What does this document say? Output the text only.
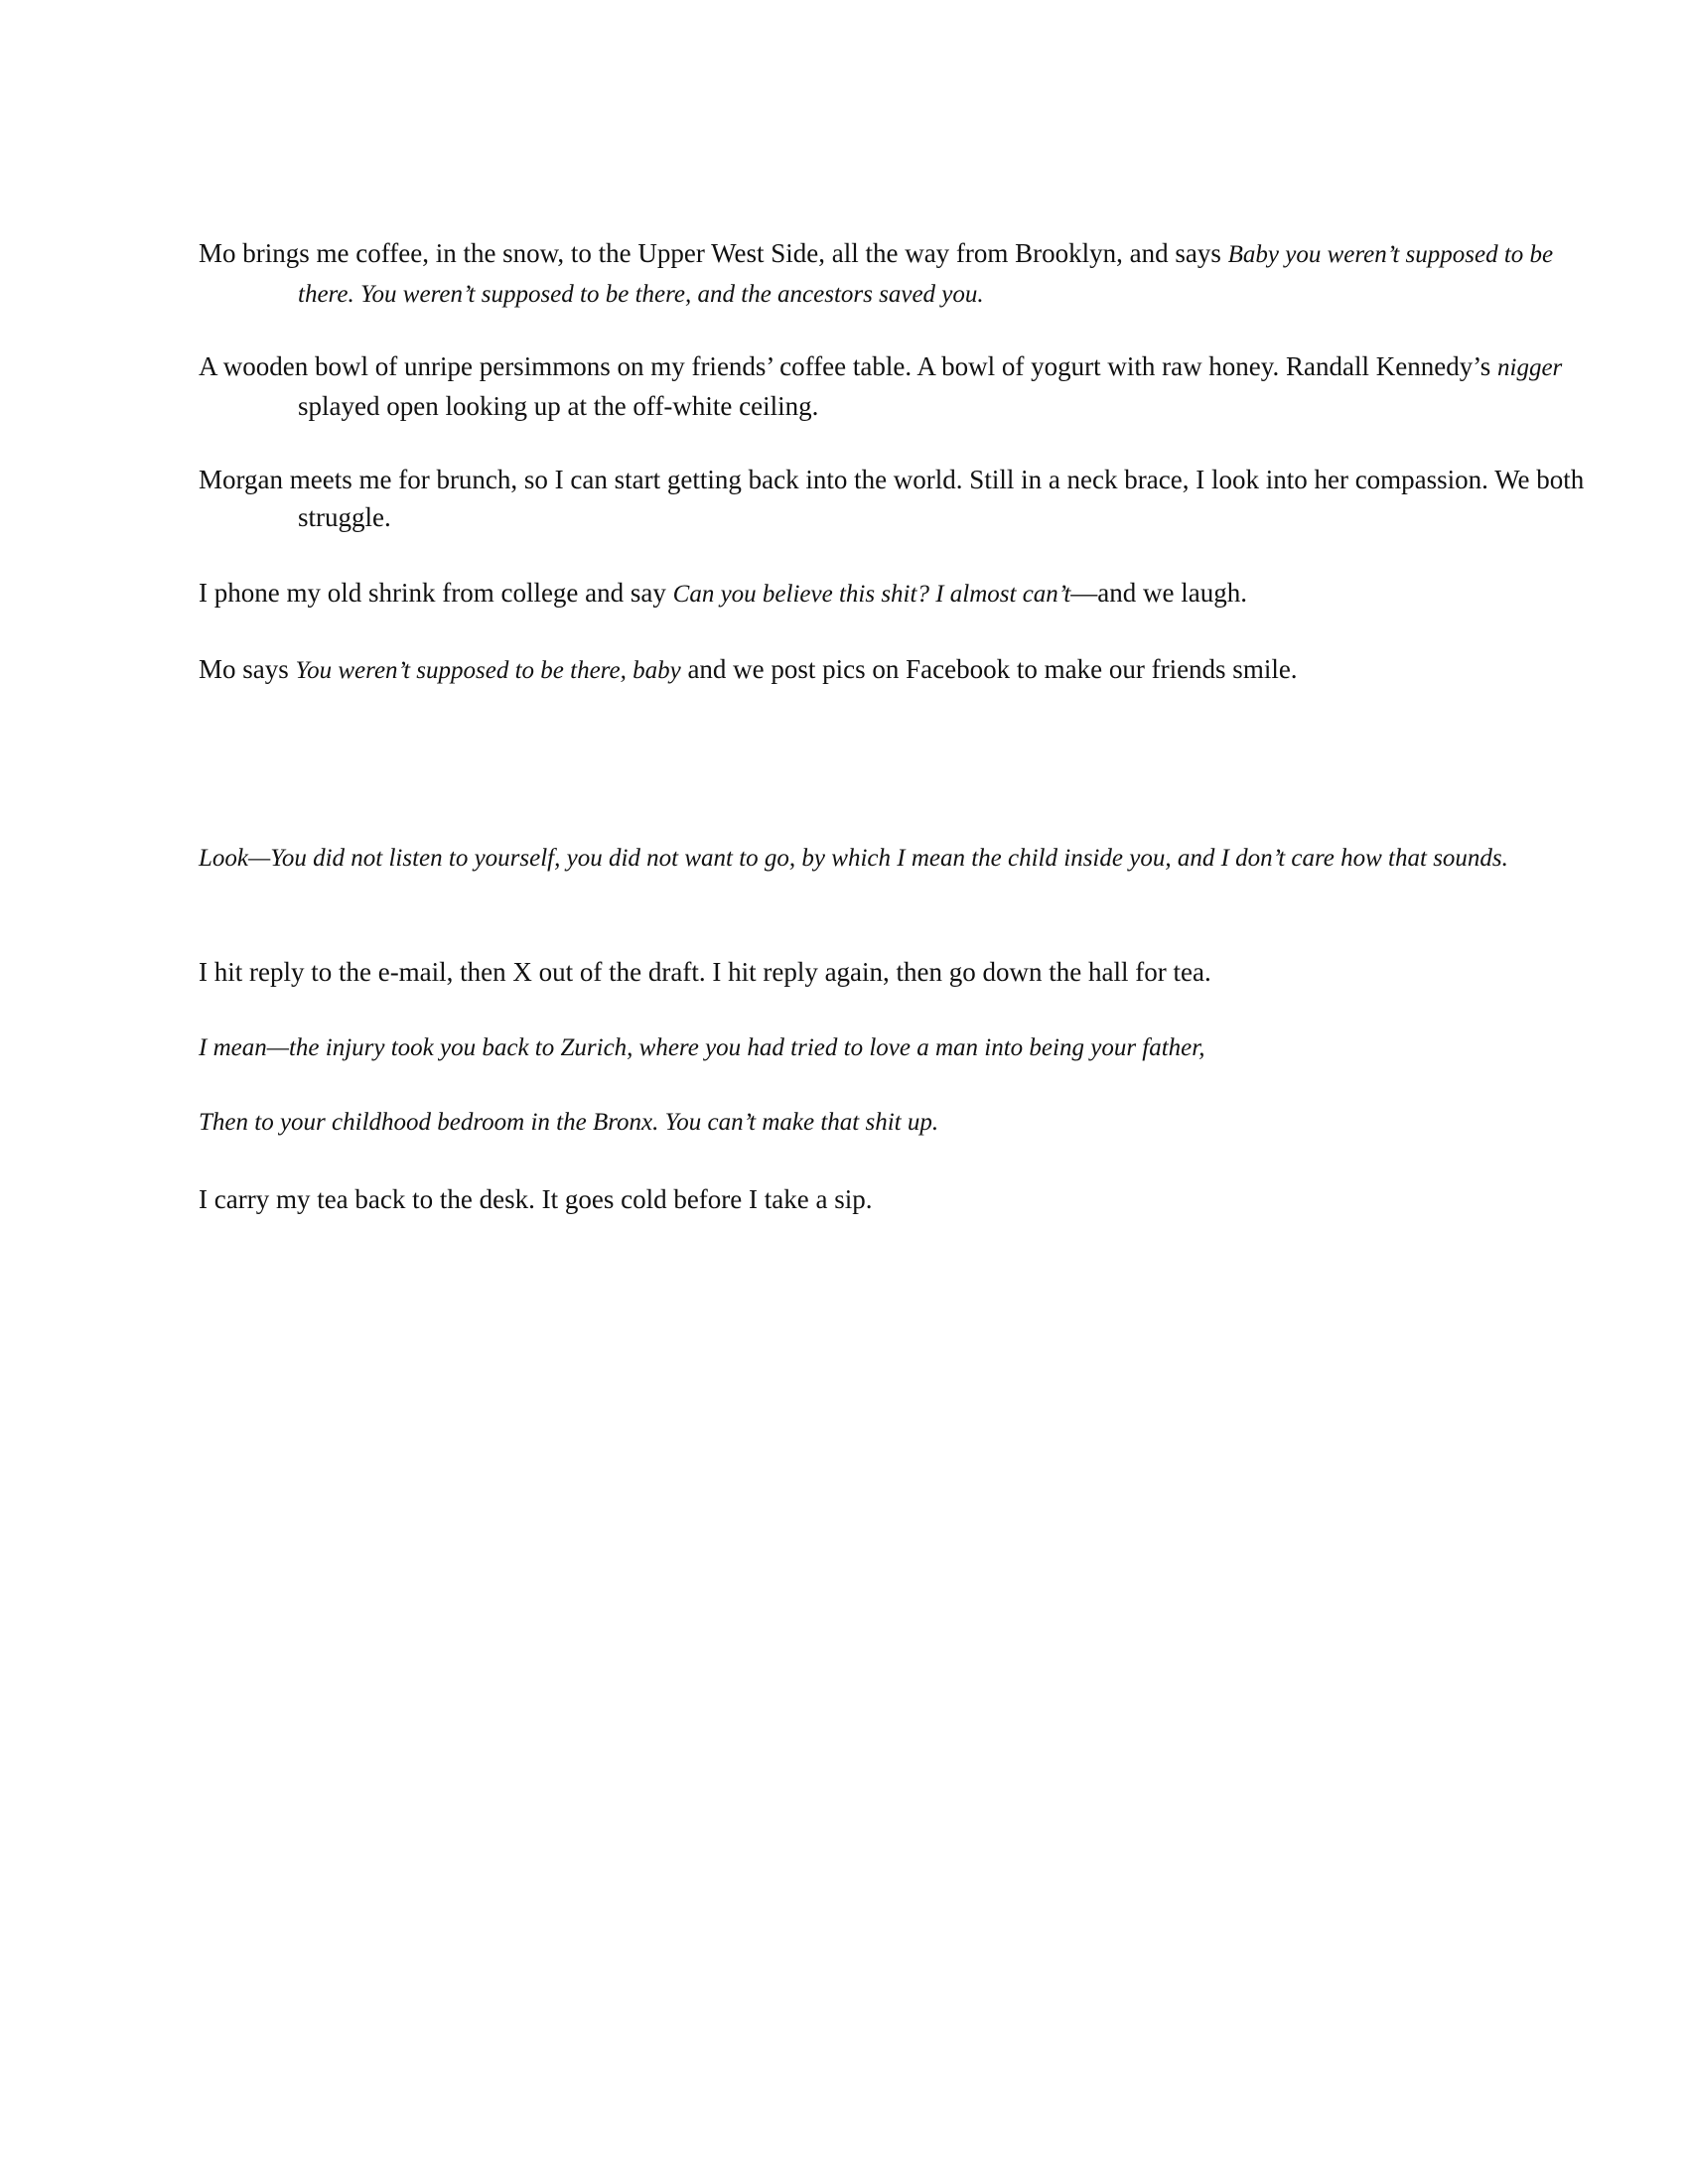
Mo brings me coffee, in the snow, to the Upper West Side, all the way from Brooklyn, and says Baby you weren’t supposed to be there. You weren’t supposed to be there, and the ancestors saved you.

A wooden bowl of unripe persimmons on my friends’ coffee table. A bowl of yogurt with raw honey. Randall Kennedy’s nigger splayed open looking up at the off-white ceiling.

Morgan meets me for brunch, so I can start getting back into the world. Still in a neck brace, I look into her compassion. We both struggle.

I phone my old shrink from college and say Can you believe this shit? I almost can’t—and we laugh.

Mo says You weren’t supposed to be there, baby and we post pics on Facebook to make our friends smile.

Look—You did not listen to yourself, you did not want to go, by which I mean the child inside you, and I don’t care how that sounds.

I hit reply to the e-mail, then X out of the draft. I hit reply again, then go down the hall for tea.

I mean—the injury took you back to Zurich, where you had tried to love a man into being your father,

Then to your childhood bedroom in the Bronx. You can’t make that shit up.

I carry my tea back to the desk. It goes cold before I take a sip.
